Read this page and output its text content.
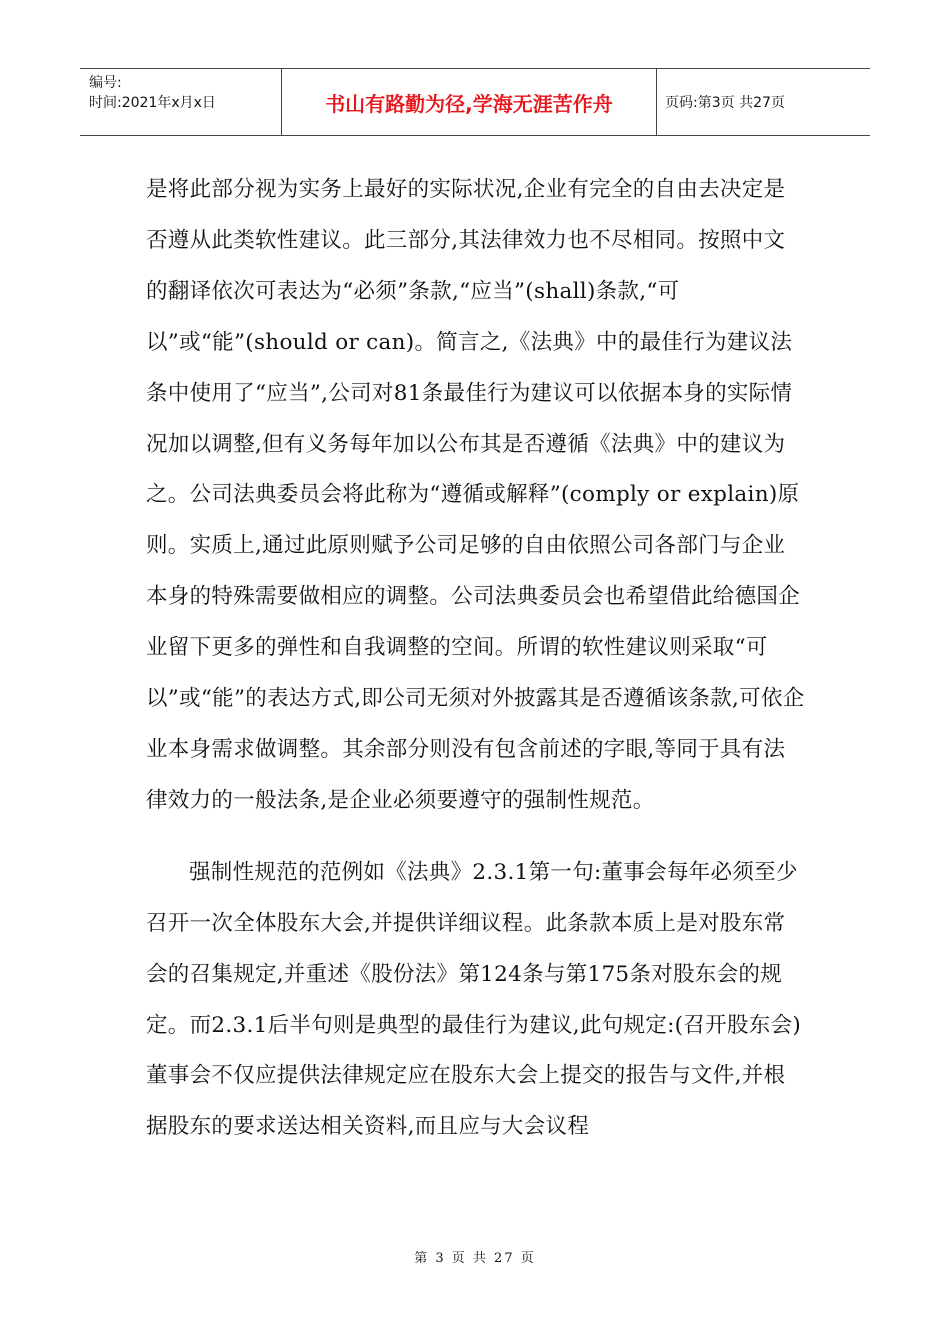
编号:
时间:2021年x月x日	书山有路勤为径,学海无涯苦作舟	页码:第3页 共27页

是将此部分视为实务上最好的实际状况,企业有完全的自由去决定是否遵从此类软性建议。此三部分,其法律效力也不尽相同。按照中文的翻译依次可表达为“必须”条款,“应当”(shall)条款,“可以”或“能”(should or can)。简言之,《法典》中的最佳行为建议法条中使用了“应当”,公司对81条最佳行为建议可以依据本身的实际情况加以调整,但有义务每年加以公布其是否遵循《法典》中的建议为之。公司法典委员会将此称为“遵循或解释”(comply or explain)原则。实质上,通过此原则赋予公司足够的自由依照公司各部门与企业本身的特殊需要做相应的调整。公司法典委员会也希望借此给德国企业留下更多的弹性和自我调整的空间。所谓的软性建议则采取“可以”或“能”的表达方式,即公司无须对外披露其是否遵循该条款,可依企业本身需求做调整。其余部分则没有包含前述的字眼,等同于具有法律效力的一般法条,是企业必须要遵守的强制性规范。

强制性规范的范例如《法典》2.3.1第一句:董事会每年必须至少召开一次全体股东大会,并提供详细议程。此条款本质上是对股东常会的召集规定,并重述《股份法》第124条与第175条对股东会的规定。而2.3.1后半句则是典型的最佳行为建议,此句规定:(召开股东会)董事会不仅应提供法律规定应在股东大会上提交的报告与文件,并根据股东的要求送达相关资料,而且应与大会议程

第 3 页 共 27 页
